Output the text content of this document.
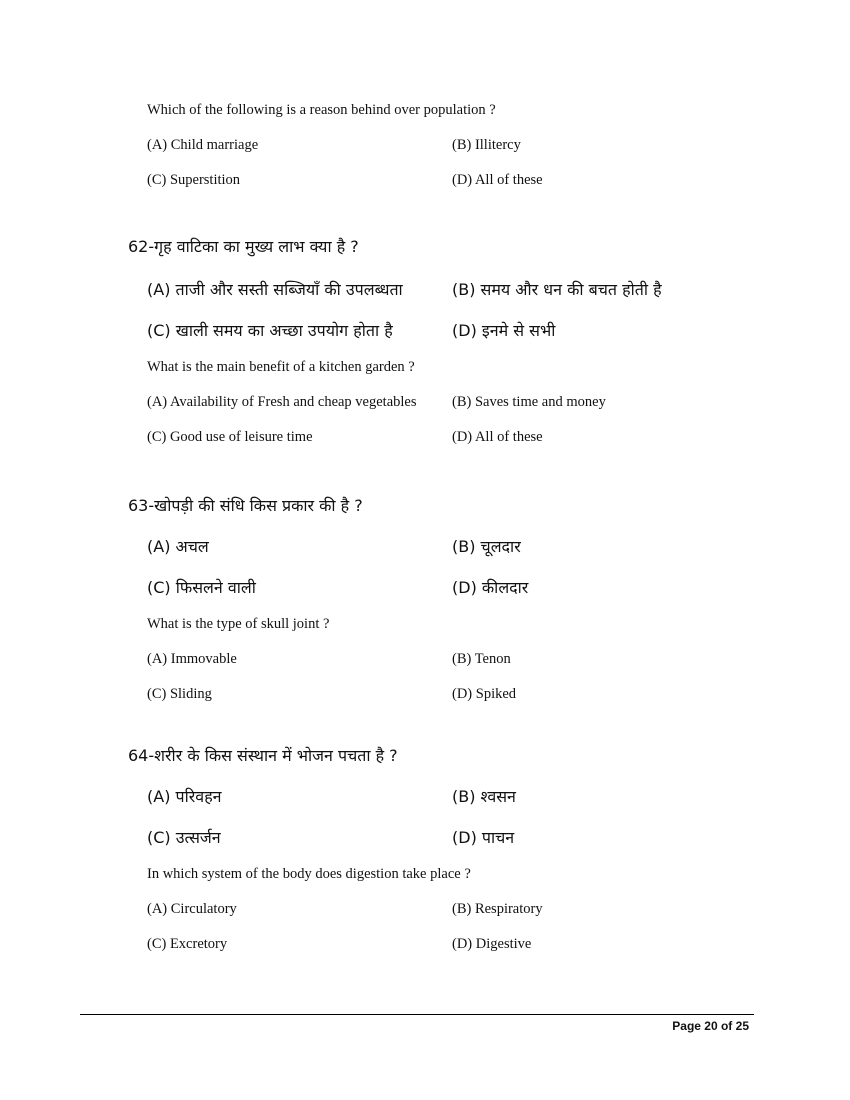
Which of the following is a reason behind over population ?
(A) Child marriage	(B) Illitercy
(C) Superstition	(D) All of these
62-गृह वाटिका का मुख्य लाभ क्या है ?
(A) ताजी और सस्ती सब्जियाँ की उपलब्धता	(B) समय और धन की बचत होती है
(C) खाली समय का अच्छा उपयोग होता है	(D) इनमे से सभी
What is the main benefit of a kitchen garden ?
(A) Availability of Fresh and cheap vegetables (B) Saves time and money
(C) Good use of leisure time	(D) All of these
63-खोपड़ी की संधि किस प्रकार की है ?
(A) अचल	(B) चूलदार
(C) फिसलने वाली	(D) कीलदार
What is the type of skull joint ?
(A) Immovable	(B) Tenon
(C) Sliding	(D) Spiked
64-शरीर के किस संस्थान में भोजन पचता है ?
(A) परिवहन	(B) श्वसन
(C) उत्सर्जन	(D) पाचन
In which system of the body does digestion take place ?
(A) Circulatory	(B) Respiratory
(C) Excretory	(D) Digestive
Page 20 of 25
